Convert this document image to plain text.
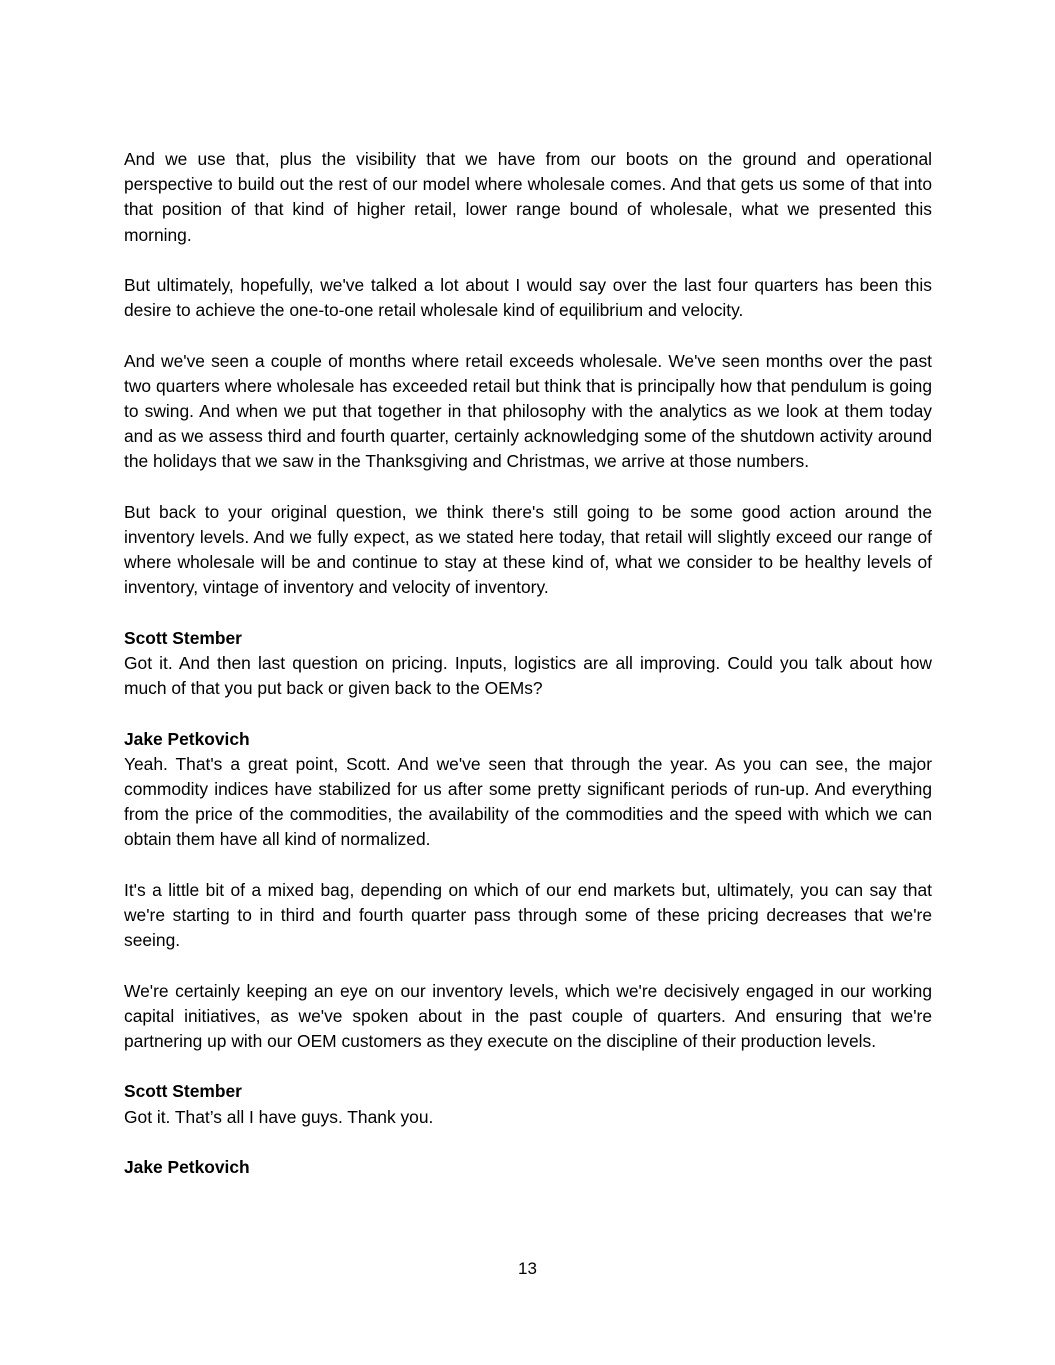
And we use that, plus the visibility that we have from our boots on the ground and operational perspective to build out the rest of our model where wholesale comes. And that gets us some of that into that position of that kind of higher retail, lower range bound of wholesale, what we presented this morning.

But ultimately, hopefully, we've talked a lot about I would say over the last four quarters has been this desire to achieve the one-to-one retail wholesale kind of equilibrium and velocity.

And we've seen a couple of months where retail exceeds wholesale. We've seen months over the past two quarters where wholesale has exceeded retail but think that is principally how that pendulum is going to swing. And when we put that together in that philosophy with the analytics as we look at them today and as we assess third and fourth quarter, certainly acknowledging some of the shutdown activity around the holidays that we saw in the Thanksgiving and Christmas, we arrive at those numbers.

But back to your original question, we think there's still going to be some good action around the inventory levels. And we fully expect, as we stated here today, that retail will slightly exceed our range of where wholesale will be and continue to stay at these kind of, what we consider to be healthy levels of inventory, vintage of inventory and velocity of inventory.

Scott Stember

Got it. And then last question on pricing. Inputs, logistics are all improving. Could you talk about how much of that you put back or given back to the OEMs?

Jake Petkovich

Yeah. That's a great point, Scott. And we've seen that through the year. As you can see, the major commodity indices have stabilized for us after some pretty significant periods of run-up. And everything from the price of the commodities, the availability of the commodities and the speed with which we can obtain them have all kind of normalized.

It's a little bit of a mixed bag, depending on which of our end markets but, ultimately, you can say that we're starting to in third and fourth quarter pass through some of these pricing decreases that we're seeing.

We're certainly keeping an eye on our inventory levels, which we're decisively engaged in our working capital initiatives, as we've spoken about in the past couple of quarters. And ensuring that we're partnering up with our OEM customers as they execute on the discipline of their production levels.

Scott Stember

Got it. That’s all I have guys. Thank you.

Jake Petkovich

13
